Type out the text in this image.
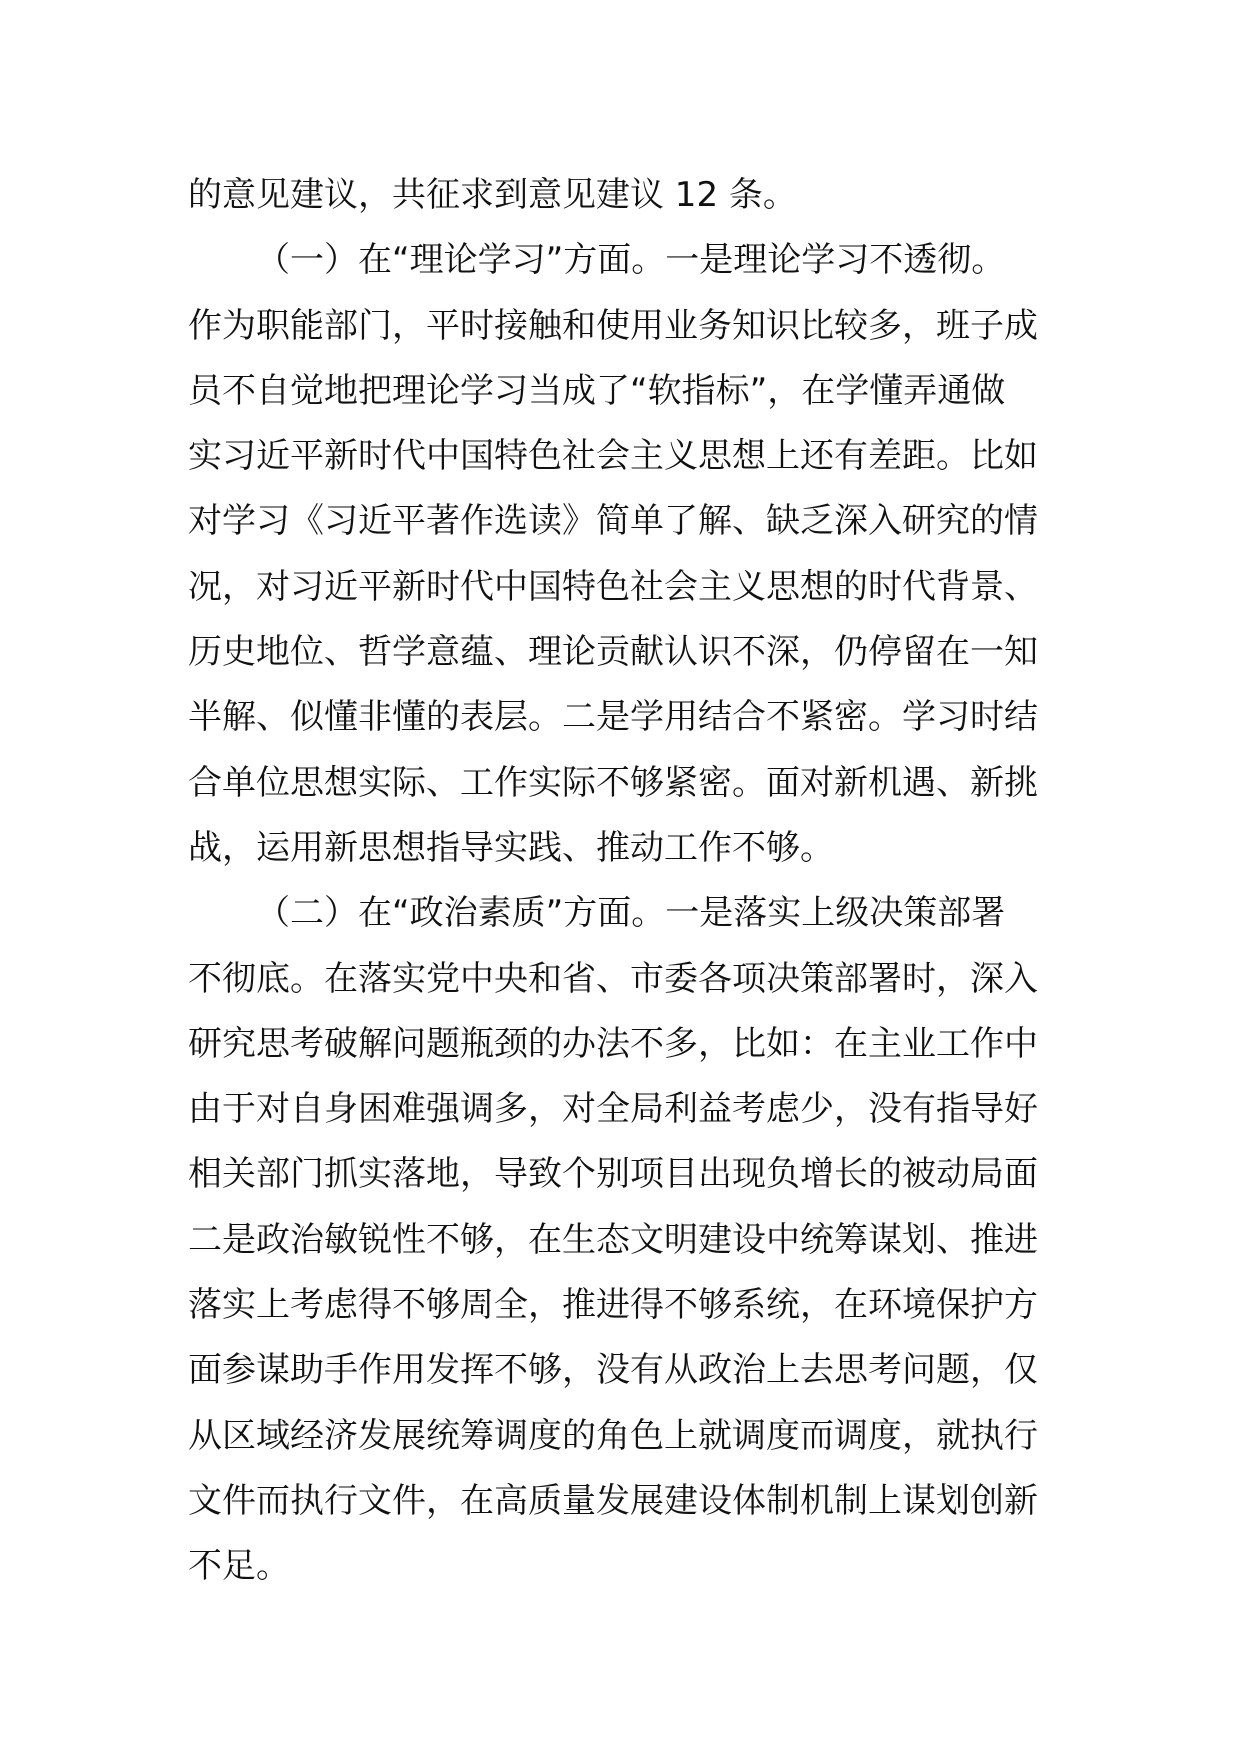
的意见建议，共征求到意见建议 12 条。
（一）在“理论学习”方面。一是理论学习不透彻。
作为职能部门，平时接触和使用业务知识比较多，班子成
员不自觉地把理论学习当成了“软指标”，在学懂弄通做
实习近平新时代中国特色社会主义思想上还有差距。比如
对学习《习近平著作选读》简单了解、缺乏深入研究的情
况，对习近平新时代中国特色社会主义思想的时代背景、
历史地位、哲学意蕴、理论贡献认识不深，仍停留在一知
半解、似懂非懂的表层。二是学用结合不紧密。学习时结
合单位思想实际、工作实际不够紧密。面对新机遇、新挑
战，运用新思想指导实践、推动工作不够。
（二）在“政治素质”方面。一是落实上级决策部署
不彻底。在落实党中央和省、市委各项决策部署时，深入
研究思考破解问题瓶颈的办法不多，比如：在主业工作中
由于对自身困难强调多，对全局利益考虑少，没有指导好
相关部门抓实落地，导致个别项目出现负增长的被动局面
二是政治敏锐性不够，在生态文明建设中统筹谋划、推进
落实上考虑得不够周全，推进得不够系统，在环境保护方
面参谋助手作用发挥不够，没有从政治上去思考问题，仅
从区域经济发展统筹调度的角色上就调度而调度，就执行
文件而执行文件，在高质量发展建设体制机制上谋划创新
不足。
